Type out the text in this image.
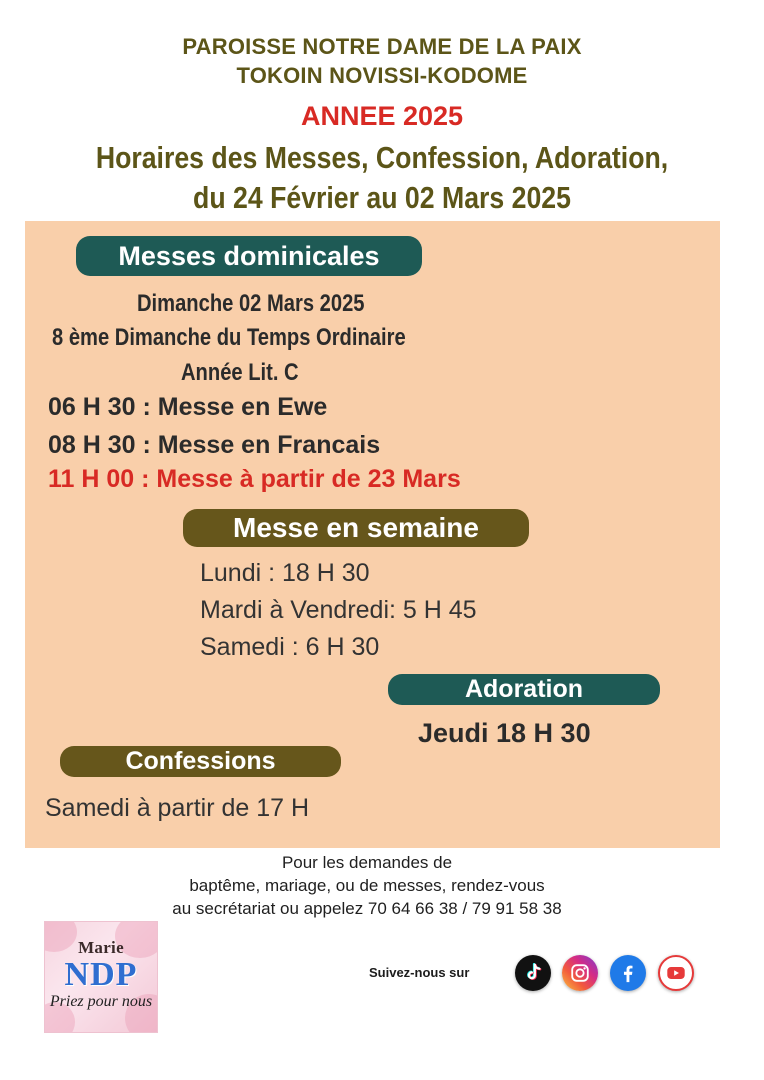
PAROISSE NOTRE DAME DE LA PAIX
TOKOIN NOVISSI-KODOME
ANNEE 2025
Horaires des Messes, Confession, Adoration,
du 24 Février au 02 Mars 2025
Messes dominicales
Dimanche 02 Mars 2025
8 ème Dimanche du Temps Ordinaire
Année Lit. C
06 H 30 : Messe en Ewe
08 H 30 : Messe en Francais
11 H 00 : Messe à partir de 23 Mars
Messe en semaine
Lundi : 18 H 30
Mardi à Vendredi: 5 H 45
Samedi : 6 H 30
Adoration
Jeudi 18 H 30
Confessions
Samedi à partir de 17 H
Pour les demandes de
baptême, mariage, ou de messes, rendez-vous
au secrétariat ou appelez 70 64 66 38 / 79 91 58 38
Marie
NDP
Priez pour nous
Suivez-nous sur
